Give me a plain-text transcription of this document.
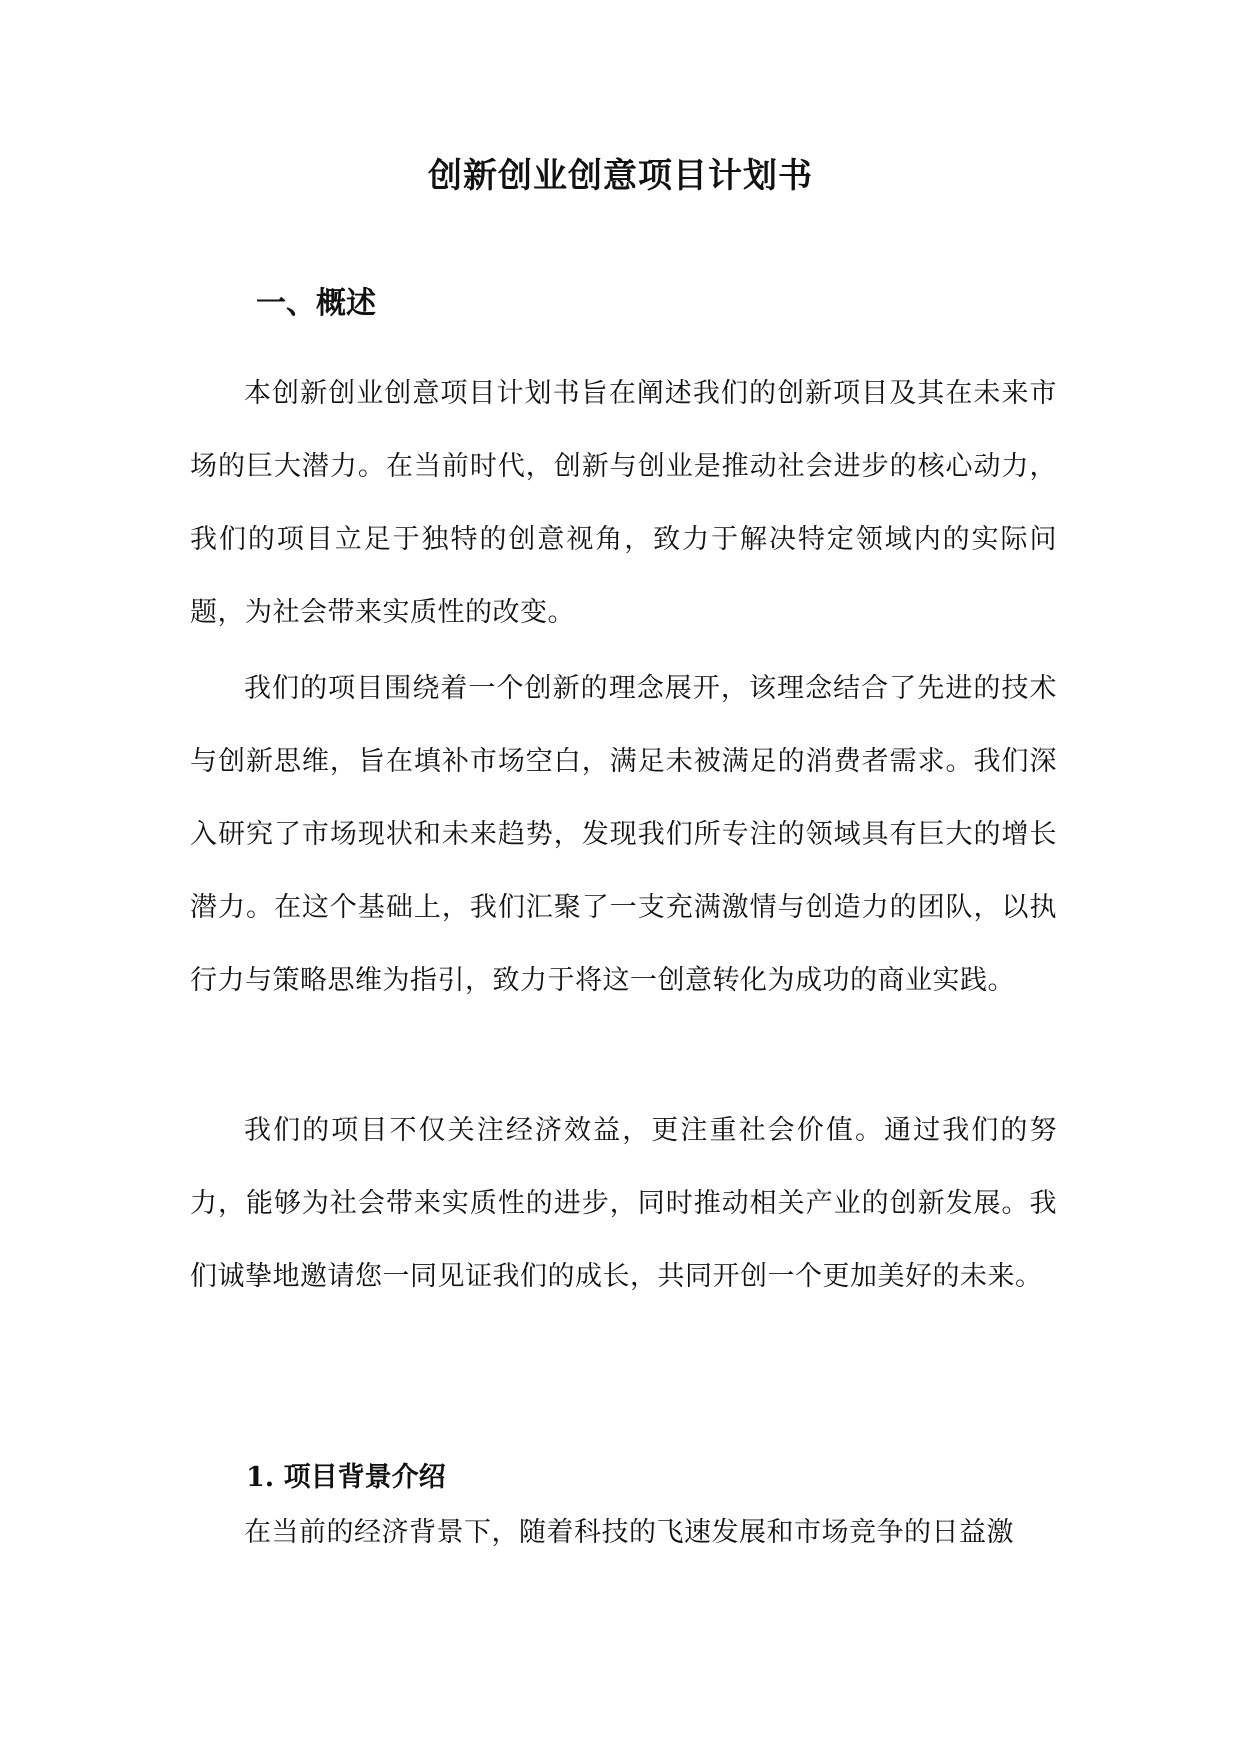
创新创业创意项目计划书
一、概述

本创新创业创意项目计划书旨在阐述我们的创新项目及其在未来市场的巨大潜力。在当前时代，创新与创业是推动社会进步的核心动力，我们的项目立足于独特的创意视角，致力于解决特定领域内的实际问题，为社会带来实质性的改变。

我们的项目围绕着一个创新的理念展开，该理念结合了先进的技术与创新思维，旨在填补市场空白，满足未被满足的消费者需求。我们深入研究了市场现状和未来趋势，发现我们所专注的领域具有巨大的增长潜力。在这个基础上，我们汇聚了一支充满激情与创造力的团队，以执行力与策略思维为指引，致力于将这一创意转化为成功的商业实践。

我们的项目不仅关注经济效益，更注重社会价值。通过我们的努力，能够为社会带来实质性的进步，同时推动相关产业的创新发展。我们诚挚地邀请您一同见证我们的成长，共同开创一个更加美好的未来。

1. 项目背景介绍

在当前的经济背景下，随着科技的飞速发展和市场竞争的日益激
